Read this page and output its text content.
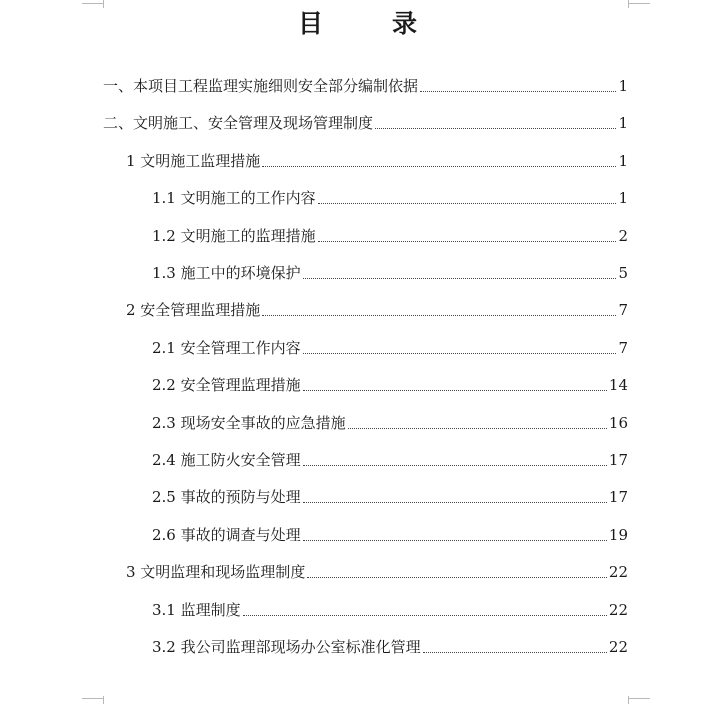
目　录
一、本项目工程监理实施细则安全部分编制依据	1
二、文明施工、安全管理及现场管理制度	1
1 文明施工监理措施	1
1.1 文明施工的工作内容	1
1.2 文明施工的监理措施	2
1.3 施工中的环境保护	5
2 安全管理监理措施	7
2.1 安全管理工作内容	7
2.2 安全管理监理措施	14
2.3 现场安全事故的应急措施	16
2.4 施工防火安全管理	17
2.5 事故的预防与处理	17
2.6 事故的调查与处理	19
3 文明监理和现场监理制度	22
3.1 监理制度	22
3.2 我公司监理部现场办公室标准化管理	22
